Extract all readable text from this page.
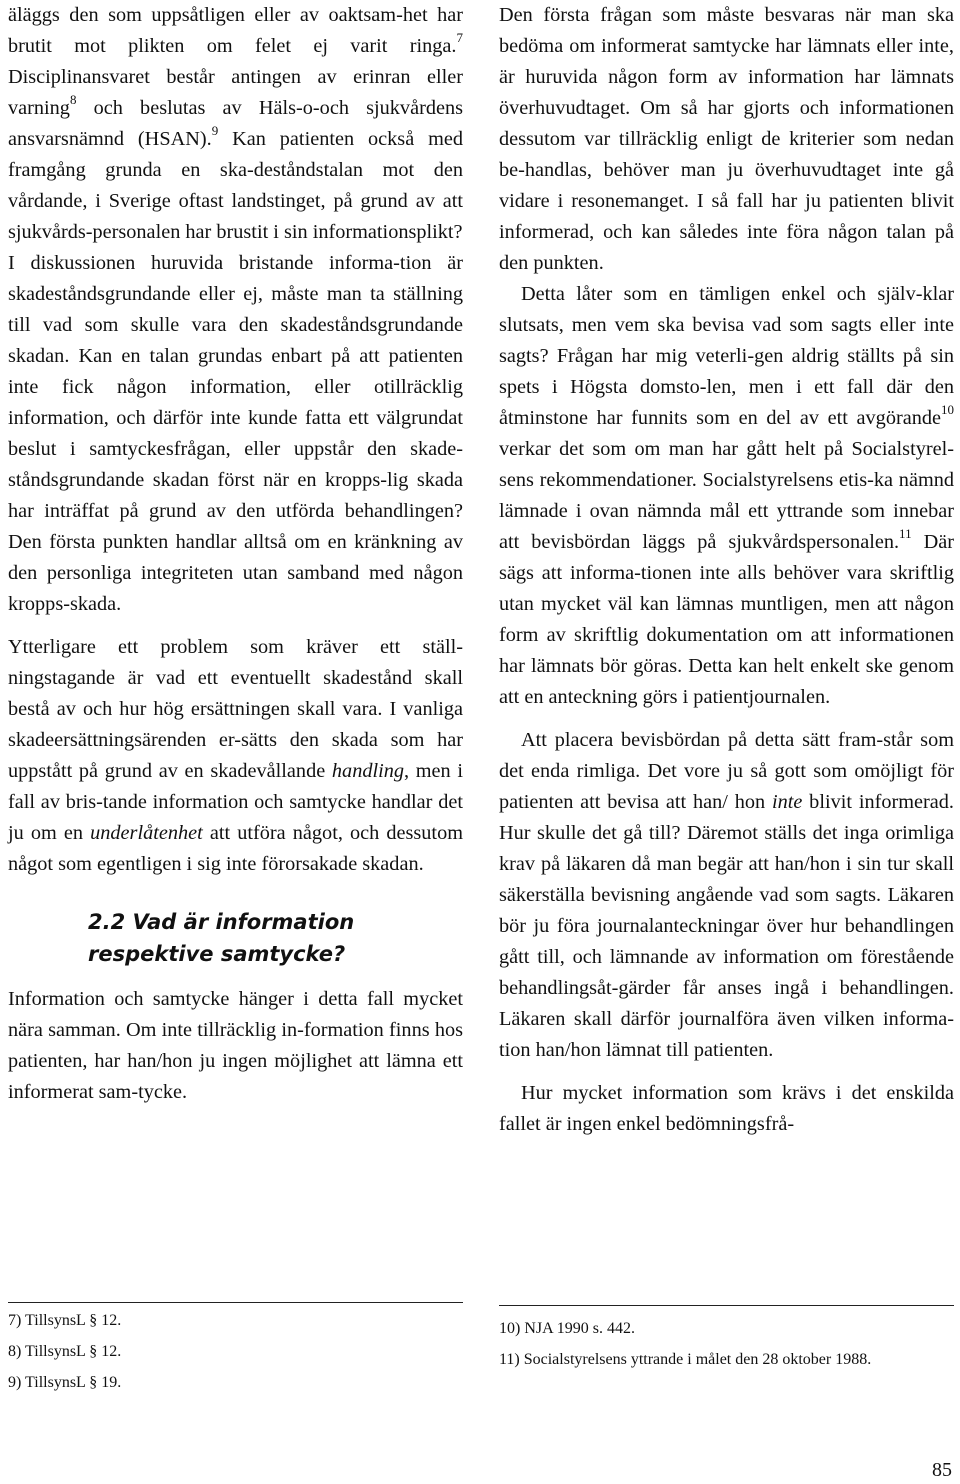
äläggs den som uppsåtligen eller av oaktsam-het har brutit mot plikten om felet ej varit ringa.$^7$ Disciplinansvaret består antingen av erinran eller varning$^8$ och beslutas av Häls-o-och sjukvårdens ansvarsnämnd (HSAN).$^9$ Kan patienten också med framgång grunda en ska-deståndstalan mot den vårdande, i Sverige oftast landstinget, på grund av att sjukvårds-personalen har brustit i sin informationsplikt?

I diskussionen huruvida bristande informa-tion är skadeståndsgrundande eller ej, måste man ta ställning till vad som skulle vara den skadeståndsgrundande skadan. Kan en talan grundas enbart på att patienten inte fick någon information, eller otillräcklig information, och därför inte kunde fatta ett välgrundat beslut i samtyckesfrågan, eller uppstår den skade-ståndsgrundande skadan först när en kropps-lig skada har inträffat på grund av den utförda behandlingen? Den första punkten handlar alltså om en kränkning av den personliga integriteten utan samband med någon kropps-skada.

Ytterligare ett problem som kräver ett ställ-ningstagande är vad ett eventuellt skadestånd skall bestå av och hur hög ersättningen skall vara. I vanliga skadeersättningsärenden er-sätts den skada som har uppstått på grund av en skadevållande handling, men i fall av bris-tande information och samtycke handlar det ju om en underlåtenhet att utföra något, och dessutom något som egentligen i sig inte förorsakade skadan.

2.2 Vad är information respektive samtycke?

Information och samtycke hänger i detta fall mycket nära samman. Om inte tillräcklig in-formation finns hos patienten, har han/hon ju ingen möjlighet att lämna ett informerat sam-tycke.

7) TillsynsL § 12.
8) TillsynsL § 12.
9) TillsynsL § 19.

Den första frågan som måste besvaras när man ska bedöma om informerat samtycke har lämnats eller inte, är huruvida någon form av information har lämnats överhuvudtaget. Om så har gjorts och informationen dessutom var tillräcklig enligt de kriterier som nedan be-handlas, behöver man ju överhuvudtaget inte gå vidare i resonemanget. I så fall har ju patienten blivit informerad, och kan således inte föra någon talan på den punkten.

Detta låter som en tämligen enkel och själv-klar slutsats, men vem ska bevisa vad som sagts eller inte sagts? Frågan har mig veterli-gen aldrig ställts på sin spets i Högsta domsto-len, men i ett fall där den åtminstone har funnits som en del av ett avgörande$^{10}$ verkar det som om man har gått helt på Socialstyrel-sens rekommendationer. Socialstyrelsens etis-ka nämnd lämnade i ovan nämnda mål ett yttrande som innebar att bevisbördan läggs på sjukvårdspersonalen.$^{11}$ Där sägs att informa-tionen inte alls behöver vara skriftlig utan mycket väl kan lämnas muntligen, men att någon form av skriftlig dokumentation om att informationen har lämnats bör göras. Detta kan helt enkelt ske genom att en anteckning görs i patientjournalen.

Att placera bevisbördan på detta sätt fram-står som det enda rimliga. Det vore ju så gott som omöjligt för patienten att bevisa att han/ hon inte blivit informerad. Hur skulle det gå till? Däremot ställs det inga orimliga krav på läkaren då man begär att han/hon i sin tur skall säkerställa bevisning angående vad som sagts. Läkaren bör ju föra journalanteckningar över hur behandlingen gått till, och lämnande av information om förestående behandlingsåt-gärder får anses ingå i behandlingen. Läkaren skall därför journalföra även vilken informa-tion han/hon lämnat till patienten.

Hur mycket information som krävs i det enskilda fallet är ingen enkel bedömningsfrå-

10) NJA 1990 s. 442.
11) Socialstyrelsens yttrande i målet den 28 oktober 1988.
85
